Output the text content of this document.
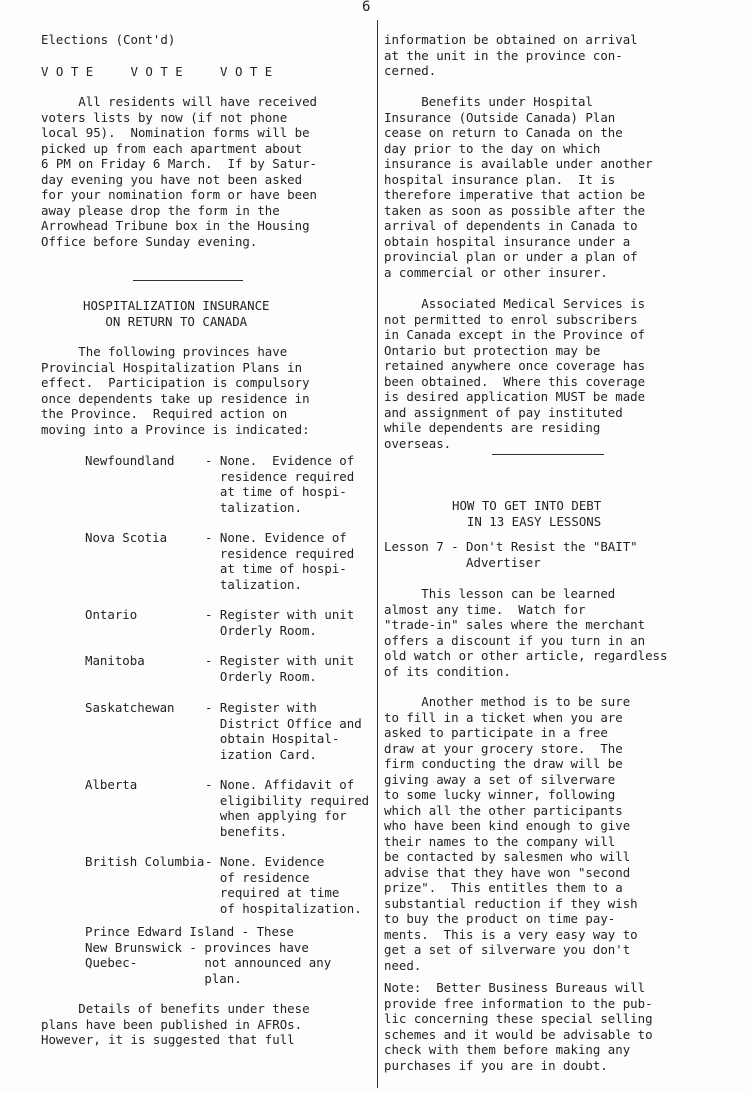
6

Elections (Cont'd)

V O T E     V O T E     V O T E

All residents will have received
voters lists by now (if not phone
local 95).  Nomination forms will be
picked up from each apartment about
6 PM on Friday 6 March.  If by Satur-
day evening you have not been asked
for your nomination form or have been
away please drop the form in the
Arrowhead Tribune box in the Housing
Office before Sunday evening.

HOSPITALIZATION INSURANCE
ON RETURN TO CANADA

The following provinces have
Provincial Hospitalization Plans in
effect.  Participation is compulsory
once dependents take up residence in
the Province.  Required action on
moving into a Province is indicated:

Newfoundland - None.  Evidence of
residence required
at time of hospi-
talization.
Nova Scotia	- None. Evidence of
residence required
at time of hospi-
talization.
Ontario	- Register with unit
Orderly Room.
Manitoba	- Register with unit
Orderly Room.
Saskatchewan - Register with
District Office and
obtain Hospital-
ization Card.
Alberta	- None. Affidavit of
eligibility required
when applying for
benefits.
British Columbia - None. Evidence
of residence
required at time
of hospitalization.

Prince Edward Island - These
New Brunswick - provinces have
Quebec-         not announced any
plan.

Details of benefits under these
plans have been published in AFROs.
However, it is suggested that full

information be obtained on arrival
at the unit in the province con-
cerned.

Benefits under Hospital
Insurance (Outside Canada) Plan
cease on return to Canada on the
day prior to the day on which
insurance is available under another
hospital insurance plan.  It is
therefore imperative that action be
taken as soon as possible after the
arrival of dependents in Canada to
obtain hospital insurance under a
provincial plan or under a plan of
a commercial or other insurer.

Associated Medical Services is
not permitted to enrol subscribers
in Canada except in the Province of
Ontario but protection may be
retained anywhere once coverage has
been obtained.  Where this coverage
is desired application MUST be made
and assignment of pay instituted
while dependents are residing
overseas.

HOW TO GET INTO DEBT
IN 13 EASY LESSONS

Lesson 7 - Don't Resist the "BAIT"
Advertiser

This lesson can be learned
almost any time.  Watch for
"trade-in" sales where the merchant
offers a discount if you turn in an
old watch or other article, regardless
of its condition.

Another method is to be sure
to fill in a ticket when you are
asked to participate in a free
draw at your grocery store.  The
firm conducting the draw will be
giving away a set of silverware
to some lucky winner, following
which all the other participants
who have been kind enough to give
their names to the company will
be contacted by salesmen who will
advise that they have won "second
prize".  This entitles them to a
substantial reduction if they wish
to buy the product on time pay-
ments.  This is a very easy way to
get a set of silverware you don't
need.

Note:  Better Business Bureaus will
provide free information to the pub-
lic concerning these special selling
schemes and it would be advisable to
check with them before making any
purchases if you are in doubt.
